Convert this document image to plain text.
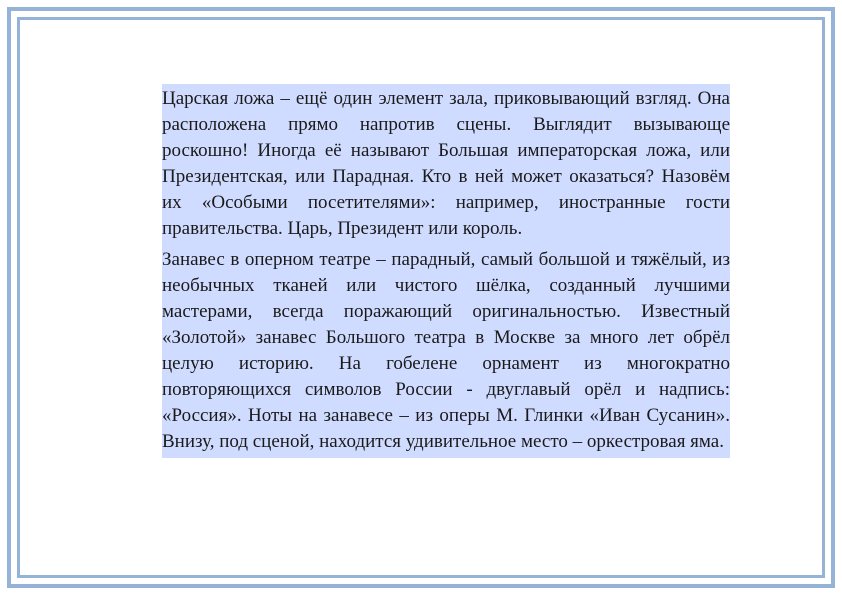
Царская ложа – ещё один элемент зала, приковывающий взгляд. Она расположена прямо напротив сцены. Выглядит вызывающе роскошно! Иногда её называют Большая императорская ложа, или Президентская, или Парадная. Кто в ней может оказаться? Назовём их «Особыми посетителями»: например, иностранные гости правительства. Царь, Президент или король.

Занавес в оперном театре – парадный, самый большой и тяжёлый, из необычных тканей или чистого шёлка, созданный лучшими мастерами, всегда поражающий оригинальностью. Известный «Золотой» занавес Большого театра в Москве за много лет обрёл целую историю. На гобелене орнамент из многократно повторяющихся символов России - двуглавый орёл и надпись: «Россия». Ноты на занавесе – из оперы М. Глинки «Иван Сусанин». Внизу, под сценой, находится удивительное место – оркестровая яма.
